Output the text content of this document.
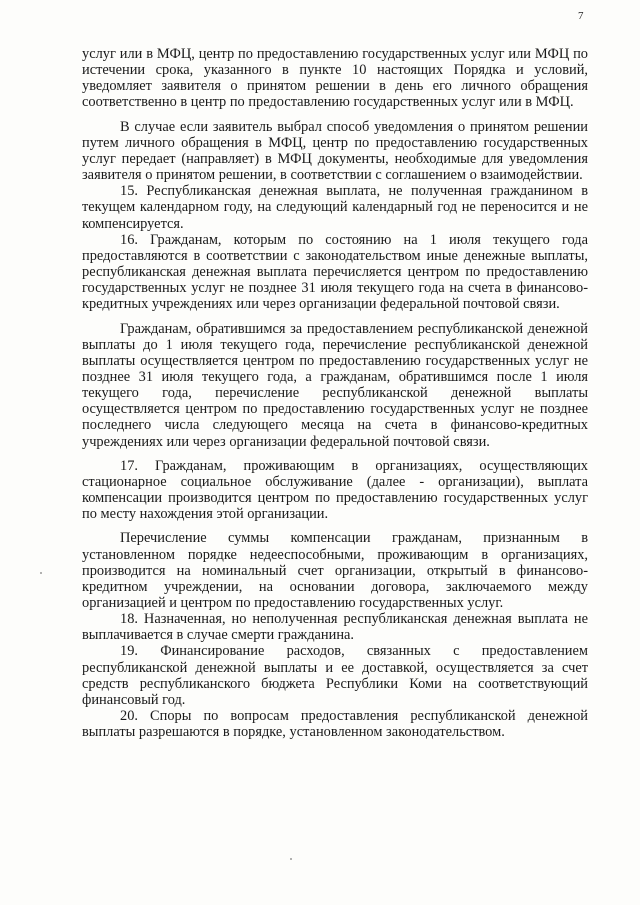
7

услуг или в МФЦ, центр по предоставлению государственных услуг или МФЦ по истечении срока, указанного в пункте 10 настоящих Порядка и условий, уведомляет заявителя о принятом решении в день его личного обращения соответственно в центр по предоставлению государственных услуг или в МФЦ.

В случае если заявитель выбрал способ уведомления о принятом решении путем личного обращения в МФЦ, центр по предоставлению государственных услуг передает (направляет) в МФЦ документы, необходимые для уведомления заявителя о принятом решении, в соответствии с соглашением о взаимодействии.

15. Республиканская денежная выплата, не полученная гражданином в текущем календарном году, на следующий календарный год не переносится и не компенсируется.

16. Гражданам, которым по состоянию на 1 июля текущего года предоставляются в соответствии с законодательством иные денежные выплаты, республиканская денежная выплата перечисляется центром по предоставлению государственных услуг не позднее 31 июля текущего года на счета в финансово-кредитных учреждениях или через организации федеральной почтовой связи.

Гражданам, обратившимся за предоставлением республиканской денежной выплаты до 1 июля текущего года, перечисление республиканской денежной выплаты осуществляется центром по предоставлению государственных услуг не позднее 31 июля текущего года, а гражданам, обратившимся после 1 июля текущего года, перечисление республиканской денежной выплаты осуществляется центром по предоставлению государственных услуг не позднее последнего числа следующего месяца на счета в финансово-кредитных учреждениях или через организации федеральной почтовой связи.

17. Гражданам, проживающим в организациях, осуществляющих стационарное социальное обслуживание (далее - организации), выплата компенсации производится центром по предоставлению государственных услуг по месту нахождения этой организации.

Перечисление суммы компенсации гражданам, признанным в установленном порядке недееспособными, проживающим в организациях, производится на номинальный счет организации, открытый в финансово-кредитном учреждении, на основании договора, заключаемого между организацией и центром по предоставлению государственных услуг.

18. Назначенная, но неполученная республиканская денежная выплата не выплачивается в случае смерти гражданина.

19. Финансирование расходов, связанных с предоставлением республиканской денежной выплаты и ее доставкой, осуществляется за счет средств республиканского бюджета Республики Коми на соответствующий финансовый год.

20. Споры по вопросам предоставления республиканской денежной выплаты разрешаются в порядке, установленном законодательством.
